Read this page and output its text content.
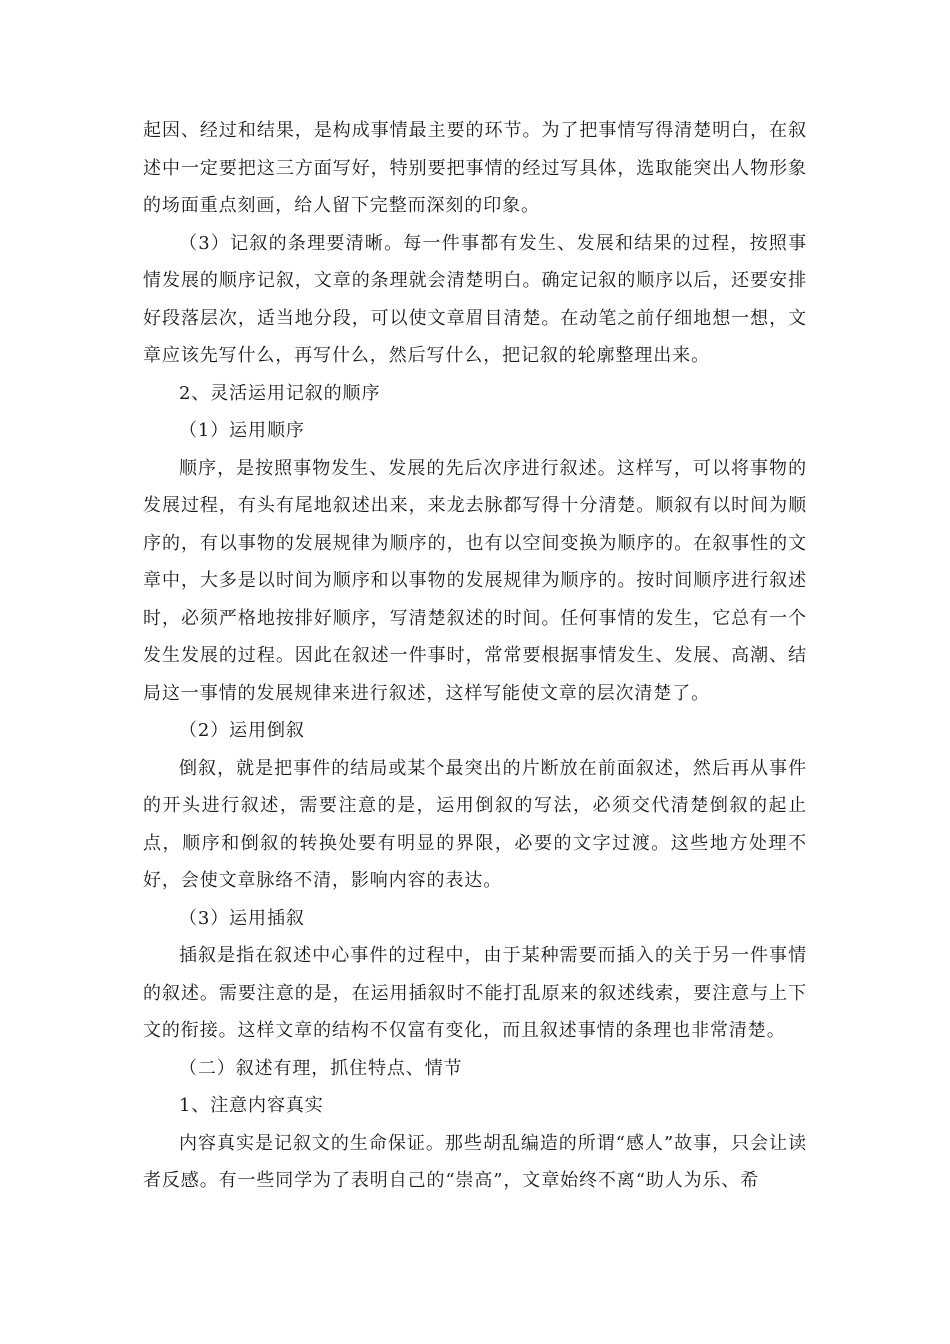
起因、经过和结果，是构成事情最主要的环节。为了把事情写得清楚明白，在叙述中一定要把这三方面写好，特别要把事情的经过写具体，选取能突出人物形象的场面重点刻画，给人留下完整而深刻的印象。

（3）记叙的条理要清晰。每一件事都有发生、发展和结果的过程，按照事情发展的顺序记叙，文章的条理就会清楚明白。确定记叙的顺序以后，还要安排好段落层次，适当地分段，可以使文章眉目清楚。在动笔之前仔细地想一想，文章应该先写什么，再写什么，然后写什么，把记叙的轮廓整理出来。

2、灵活运用记叙的顺序

（1）运用顺序

顺序，是按照事物发生、发展的先后次序进行叙述。这样写，可以将事物的发展过程，有头有尾地叙述出来，来龙去脉都写得十分清楚。顺叙有以时间为顺序的，有以事物的发展规律为顺序的，也有以空间变换为顺序的。在叙事性的文章中，大多是以时间为顺序和以事物的发展规律为顺序的。按时间顺序进行叙述时，必须严格地按排好顺序，写清楚叙述的时间。任何事情的发生，它总有一个发生发展的过程。因此在叙述一件事时，常常要根据事情发生、发展、高潮、结局这一事情的发展规律来进行叙述，这样写能使文章的层次清楚了。

（2）运用倒叙

倒叙，就是把事件的结局或某个最突出的片断放在前面叙述，然后再从事件的开头进行叙述，需要注意的是，运用倒叙的写法，必须交代清楚倒叙的起止点，顺序和倒叙的转换处要有明显的界限，必要的文字过渡。这些地方处理不好，会使文章脉络不清，影响内容的表达。

（3）运用插叙

插叙是指在叙述中心事件的过程中，由于某种需要而插入的关于另一件事情的叙述。需要注意的是，在运用插叙时不能打乱原来的叙述线索，要注意与上下文的衔接。这样文章的结构不仅富有变化，而且叙述事情的条理也非常清楚。

（二）叙述有理，抓住特点、情节

1、注意内容真实

内容真实是记叙文的生命保证。那些胡乱编造的所谓“感人”故事，只会让读者反感。有一些同学为了表明自己的“崇高”，文章始终不离“助人为乐、希
